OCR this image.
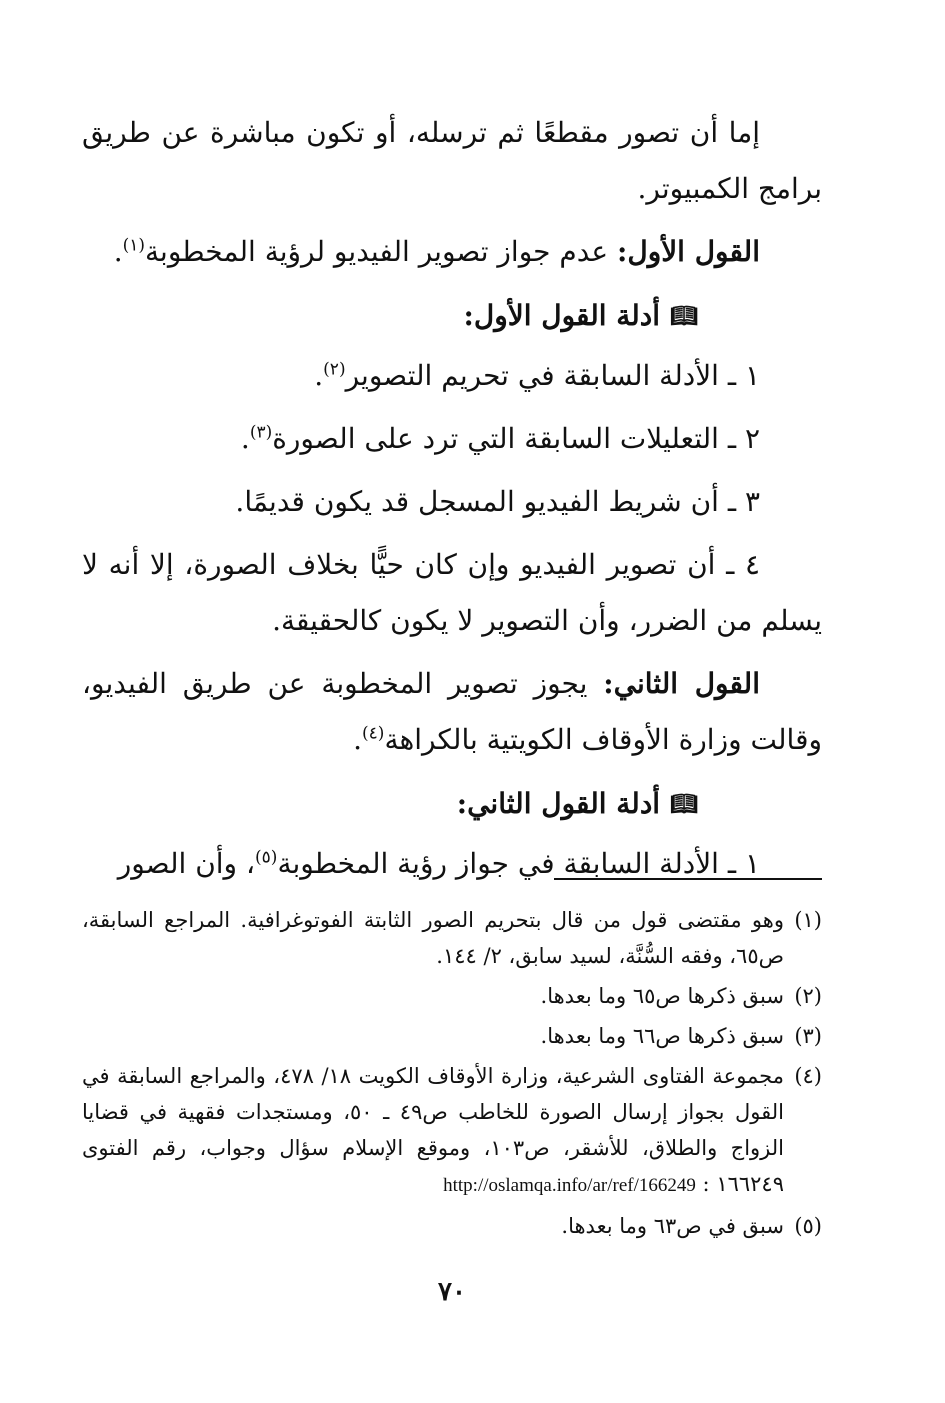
إما أن تصور مقطعًا ثم ترسله، أو تكون مباشرة عن طريق برامج الكمبيوتر.

القول الأول: عدم جواز تصوير الفيديو لرؤية المخطوبة$^{(١)}$.

📖︎أدلة القول الأول:

١ ـ الأدلة السابقة في تحريم التصوير$^{(٢)}$.

٢ ـ التعليلات السابقة التي ترد على الصورة$^{(٣)}$.

٣ ـ أن شريط الفيديو المسجل قد يكون قديمًا.

٤ ـ أن تصوير الفيديو وإن كان حيًّا بخلاف الصورة، إلا أنه لا يسلم من الضرر، وأن التصوير لا يكون كالحقيقة.

القول الثاني: يجوز تصوير المخطوبة عن طريق الفيديو، وقالت وزارة الأوقاف الكويتية بالكراهة$^{(٤)}$.

📖︎أدلة القول الثاني:

١ ـ الأدلة السابقة في جواز رؤية المخطوبة$^{(٥)}$، وأن الصور

(١)
وهو مقتضى قول من قال بتحريم الصور الثابتة الفوتوغرافية. المراجع السابقة، ص٦٥، وفقه السُّنَّة، لسيد سابق، ٢/ ١٤٤.
(٢)
سبق ذكرها ص٦٥ وما بعدها.
(٣)
سبق ذكرها ص٦٦ وما بعدها.
(٤)
مجموعة الفتاوى الشرعية، وزارة الأوقاف الكويت ١٨/ ٤٧٨، والمراجع السابقة في القول بجواز إرسال الصورة للخاطب ص٤٩ ـ ٥٠، ومستجدات فقهية في قضايا الزواج والطلاق، للأشقر، ص١٠٣، وموقع الإسلام سؤال وجواب، رقم الفتوى ١٦٦٢٤٩ : http://oslamqa.info/ar/ref/166249
(٥)
سبق في ص٦٣ وما بعدها.
٧٠
